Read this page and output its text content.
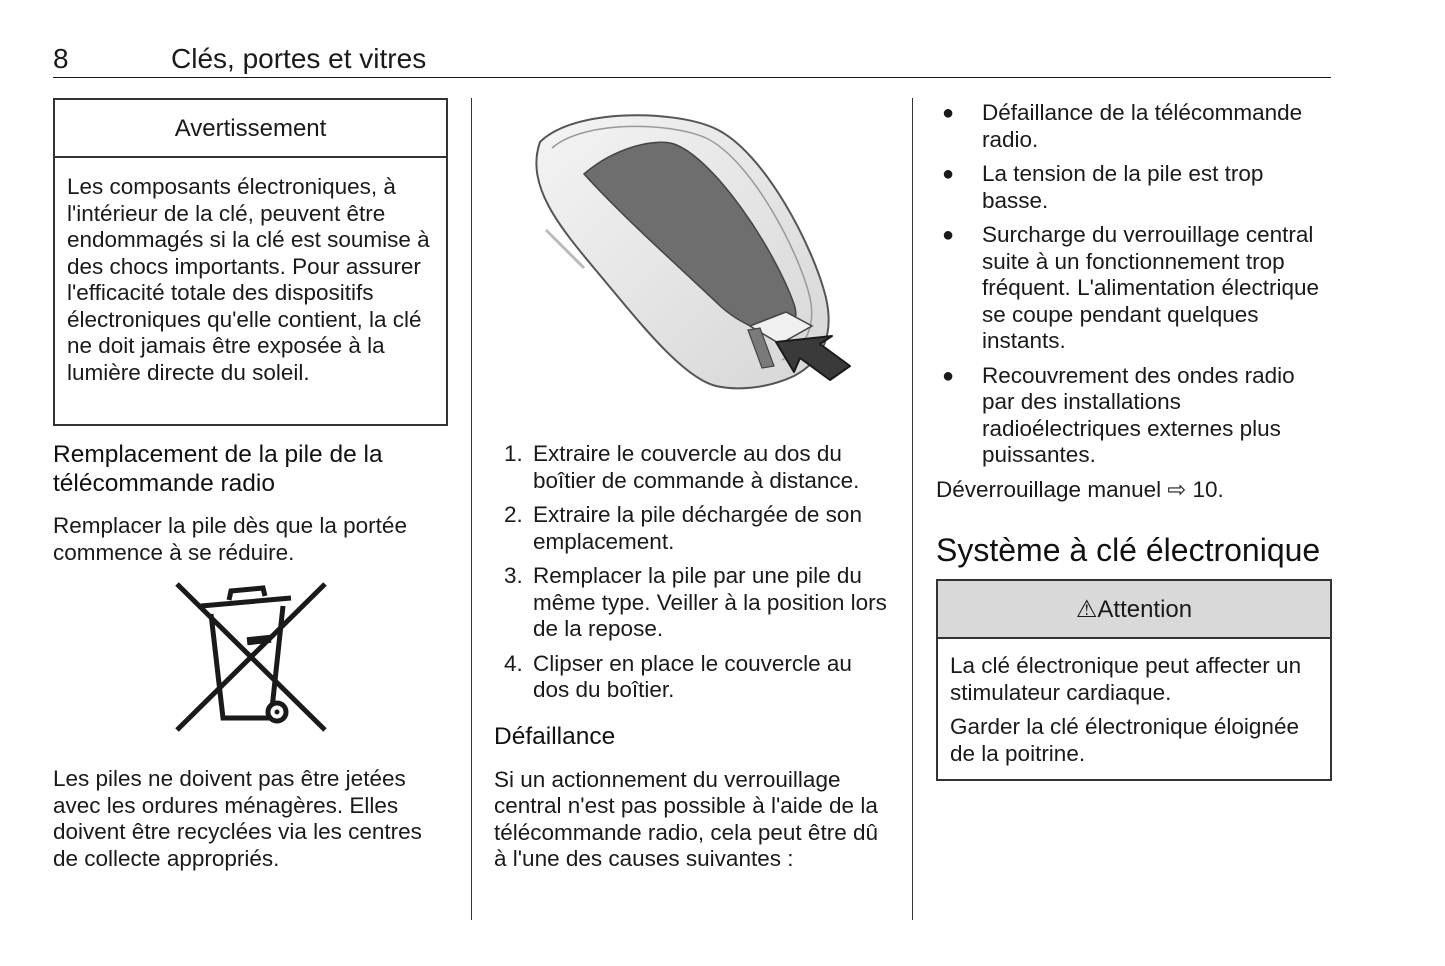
8	Clés, portes et vitres
Avertissement

Les composants électroniques, à l'intérieur de la clé, peuvent être endommagés si la clé est soumise à des chocs importants. Pour assurer l'efficacité totale des dispositifs électroniques qu'elle contient, la clé ne doit jamais être exposée à la lumière directe du soleil.

Remplacement de la pile de la télécommande radio

Remplacer la pile dès que la portée commence à se réduire.

Les piles ne doivent pas être jetées avec les ordures ménagères. Elles doivent être recyclées via les centres de collecte appropriés.

1. Extraire le couvercle au dos du boîtier de commande à distance.
2. Extraire la pile déchargée de son emplacement.
3. Remplacer la pile par une pile du même type. Veiller à la position lors de la repose.
4. Clipser en place le couvercle au dos du boîtier.
Défaillance

Si un actionnement du verrouillage central n'est pas possible à l'aide de la télécommande radio, cela peut être dû à l'une des causes suivantes :

● Défaillance de la télécommande radio.
● La tension de la pile est trop basse.
● Surcharge du verrouillage central suite à un fonctionnement trop fréquent. L'alimentation électrique se coupe pendant quelques instants.
● Recouvrement des ondes radio par des installations radioélectriques externes plus puissantes.

Déverrouillage manuel ⇨ 10.

Système à clé électronique
⚠Attention

La clé électronique peut affecter un stimulateur cardiaque.

Garder la clé électronique éloignée de la poitrine.
